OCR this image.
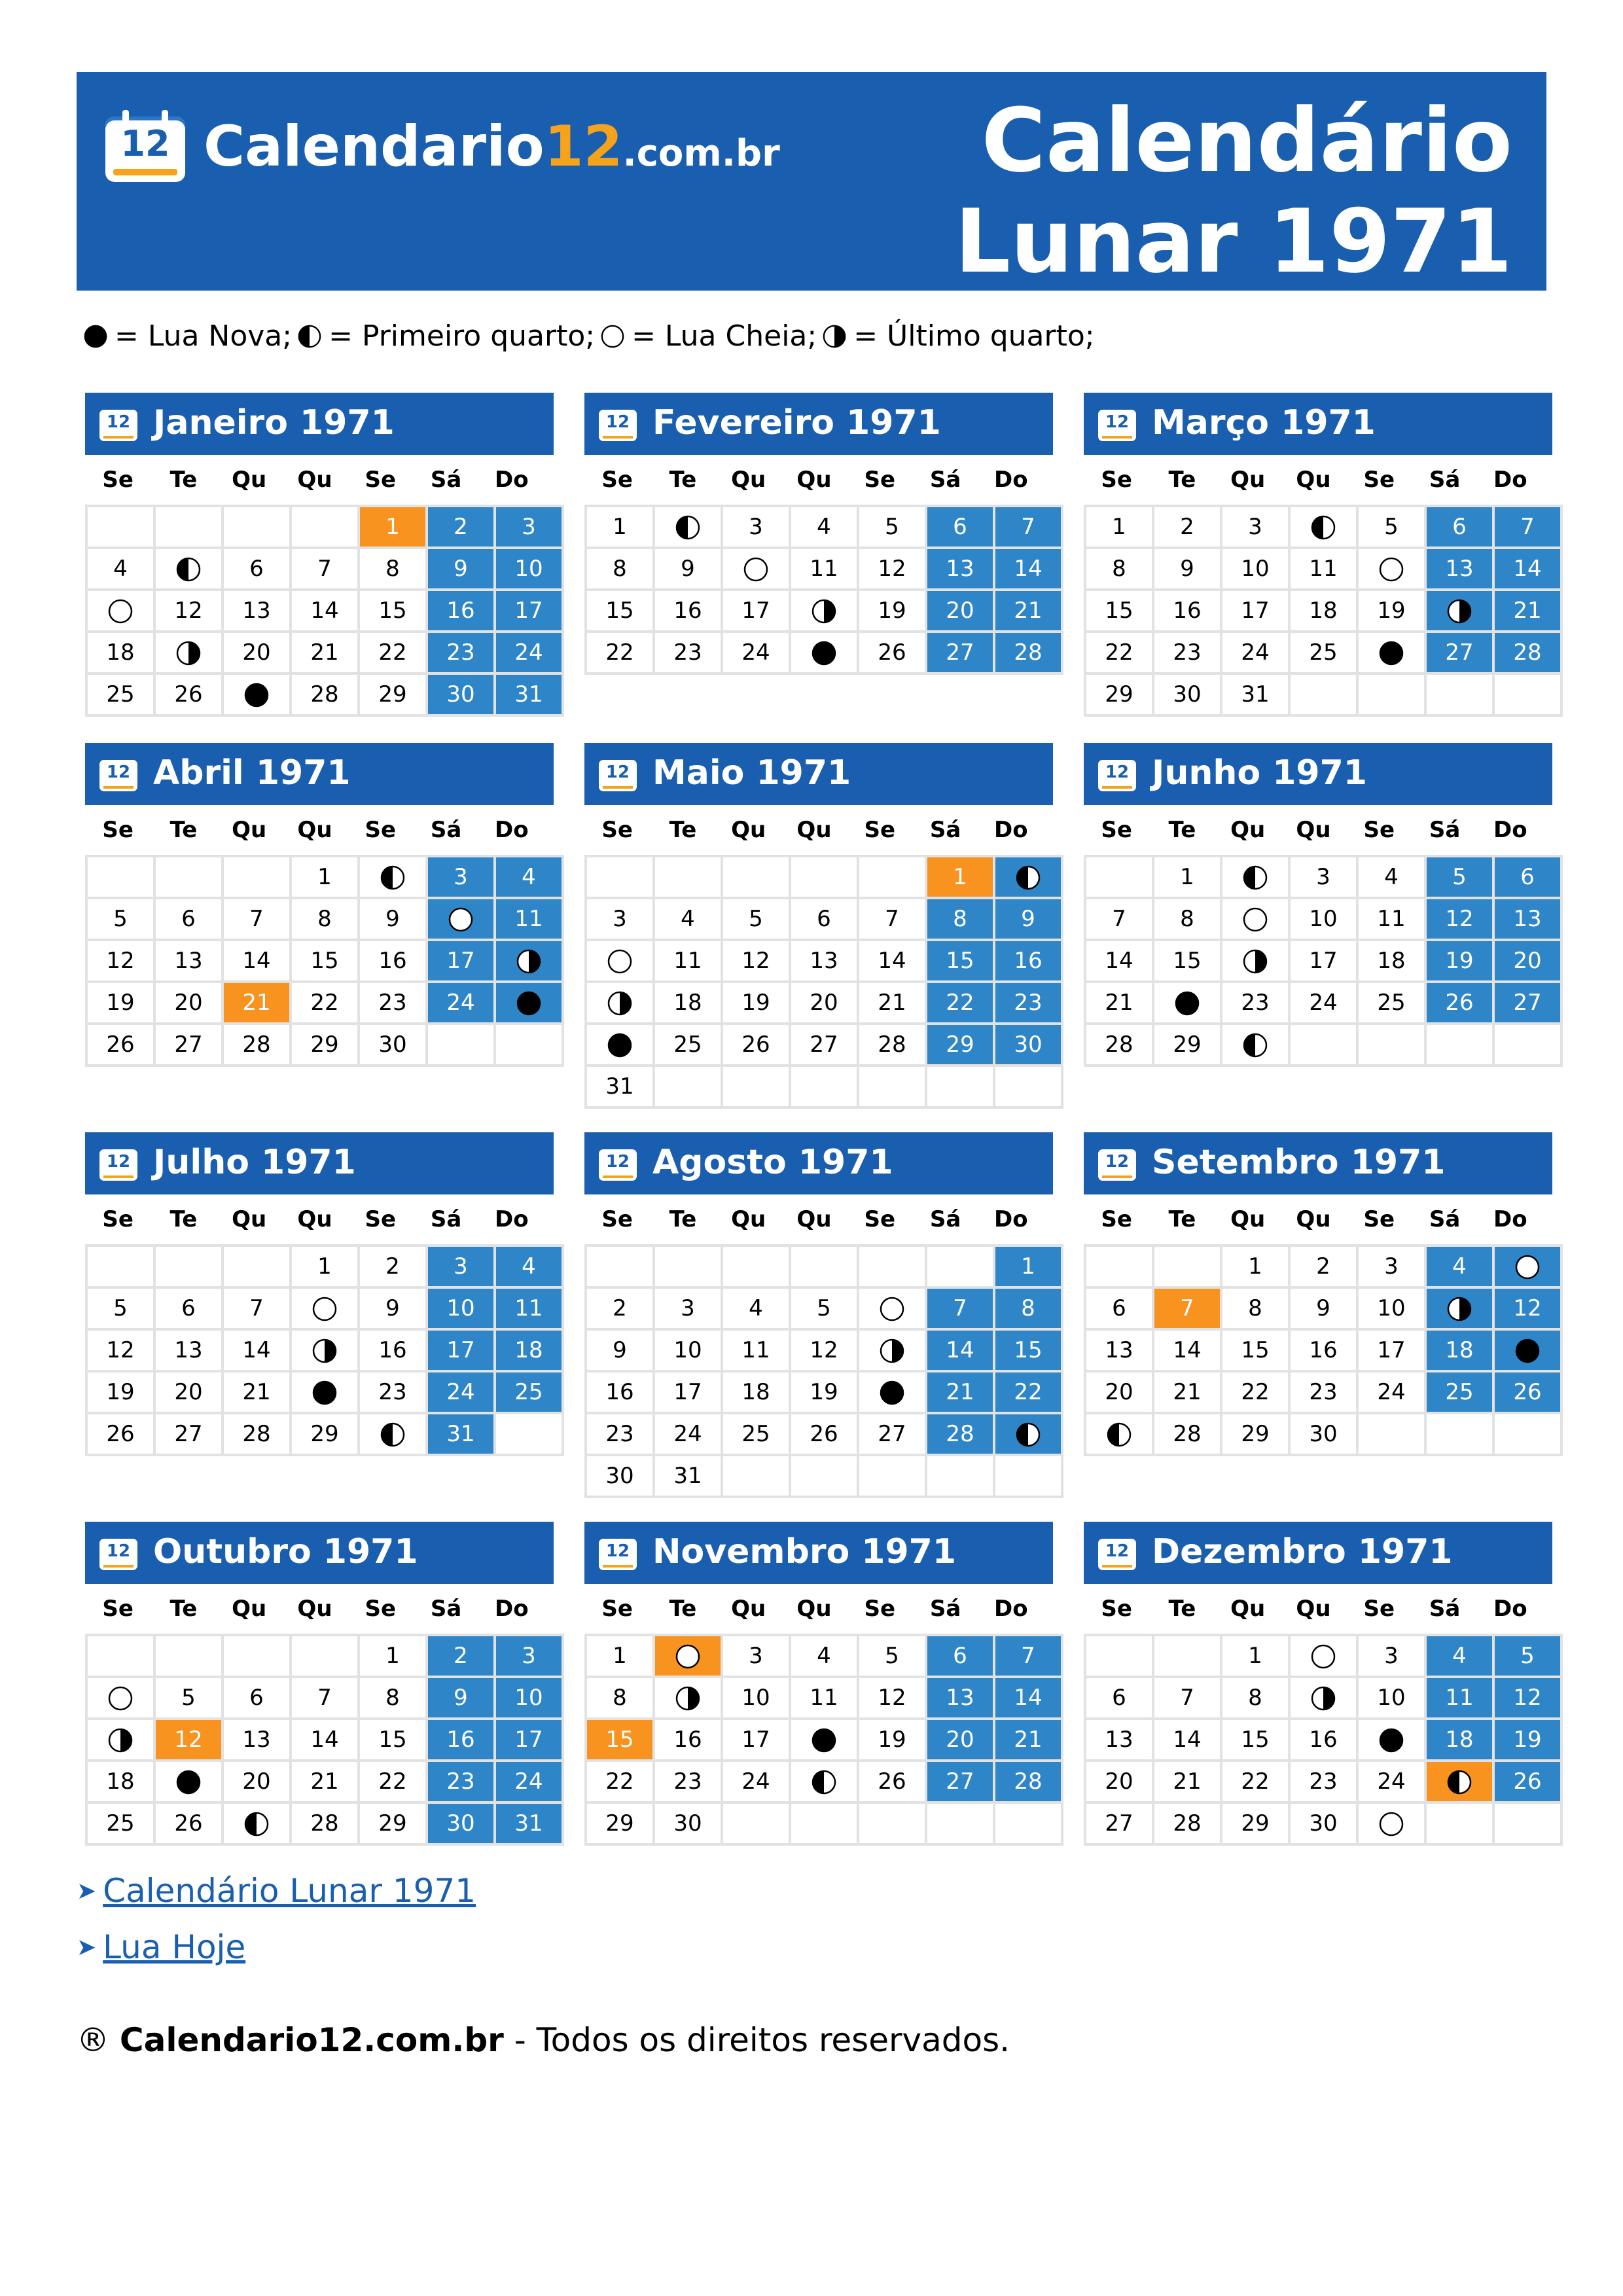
12 Calendario12.com.br	Calendário
Lunar 1971
= Lua Nova; = Primeiro quarto; = Lua Cheia; = Último quarto;
12 Janeiro 1971
Se	Te	Qu	Qu	Se	Sá	Do
				1	2	3
4		6	7	8	9	10
	12	13	14	15	16	17
18		20	21	22	23	24
25	26		28	29	30	31
12 Fevereiro 1971
Se	Te	Qu	Qu	Se	Sá	Do
1		3	4	5	6	7
8	9		11	12	13	14
15	16	17		19	20	21
22	23	24		26	27	28
12 Março 1971
Se	Te	Qu	Qu	Se	Sá	Do
1	2	3		5	6	7
8	9	10	11		13	14
15	16	17	18	19		21
22	23	24	25		27	28
29	30	31				
12 Abril 1971
Se	Te	Qu	Qu	Se	Sá	Do
			1		3	4
5	6	7	8	9		11
12	13	14	15	16	17	
19	20	21	22	23	24	
26	27	28	29	30		
12 Maio 1971
Se	Te	Qu	Qu	Se	Sá	Do
					1	
3	4	5	6	7	8	9
	11	12	13	14	15	16
	18	19	20	21	22	23
	25	26	27	28	29	30
31						
12 Junho 1971
Se	Te	Qu	Qu	Se	Sá	Do
	1		3	4	5	6
7	8		10	11	12	13
14	15		17	18	19	20
21		23	24	25	26	27
28	29					
12 Julho 1971
Se	Te	Qu	Qu	Se	Sá	Do
			1	2	3	4
5	6	7		9	10	11
12	13	14		16	17	18
19	20	21		23	24	25
26	27	28	29		31	
12 Agosto 1971
Se	Te	Qu	Qu	Se	Sá	Do
						1
2	3	4	5		7	8
9	10	11	12		14	15
16	17	18	19		21	22
23	24	25	26	27	28	
30	31					
12 Setembro 1971
Se	Te	Qu	Qu	Se	Sá	Do
		1	2	3	4	
6	7	8	9	10		12
13	14	15	16	17	18	
20	21	22	23	24	25	26
	28	29	30			
12 Outubro 1971
Se	Te	Qu	Qu	Se	Sá	Do
				1	2	3
	5	6	7	8	9	10
	12	13	14	15	16	17
18		20	21	22	23	24
25	26		28	29	30	31
12 Novembro 1971
Se	Te	Qu	Qu	Se	Sá	Do
1		3	4	5	6	7
8		10	11	12	13	14
15	16	17		19	20	21
22	23	24		26	27	28
29	30					
12 Dezembro 1971
Se	Te	Qu	Qu	Se	Sá	Do
		1		3	4	5
6	7	8		10	11	12
13	14	15	16		18	19
20	21	22	23	24		26
27	28	29	30			
➤ Calendário Lunar 1971
➤ Lua Hoje
® Calendario12.com.br - Todos os direitos reservados.
